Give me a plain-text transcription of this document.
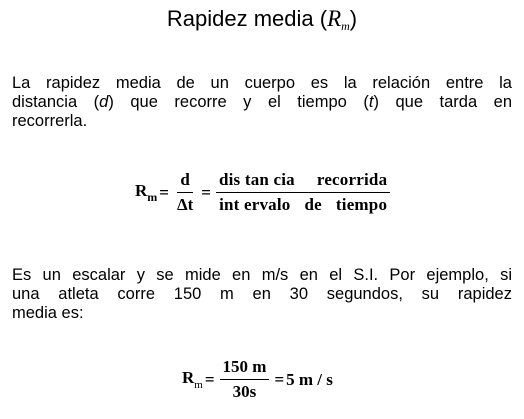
Rapidez media $(R_m)$
La rapidez media de un cuerpo es la relación entre la
distancia (d) que recorre y el tiempo (t) que tarda en
recorrerla.
$R_m = \frac{d}{\Delta t} = \frac{\text{dis tan cia recorrida}}{\text{int ervalo de tiempo}}$
Es un escalar y se mide en m/s en el S.I. Por ejemplo, si
una atleta corre 150 m en 30 segundos, su rapidez
media es:
$R_m = \frac{150 m}{30s} = 5$ m / s
